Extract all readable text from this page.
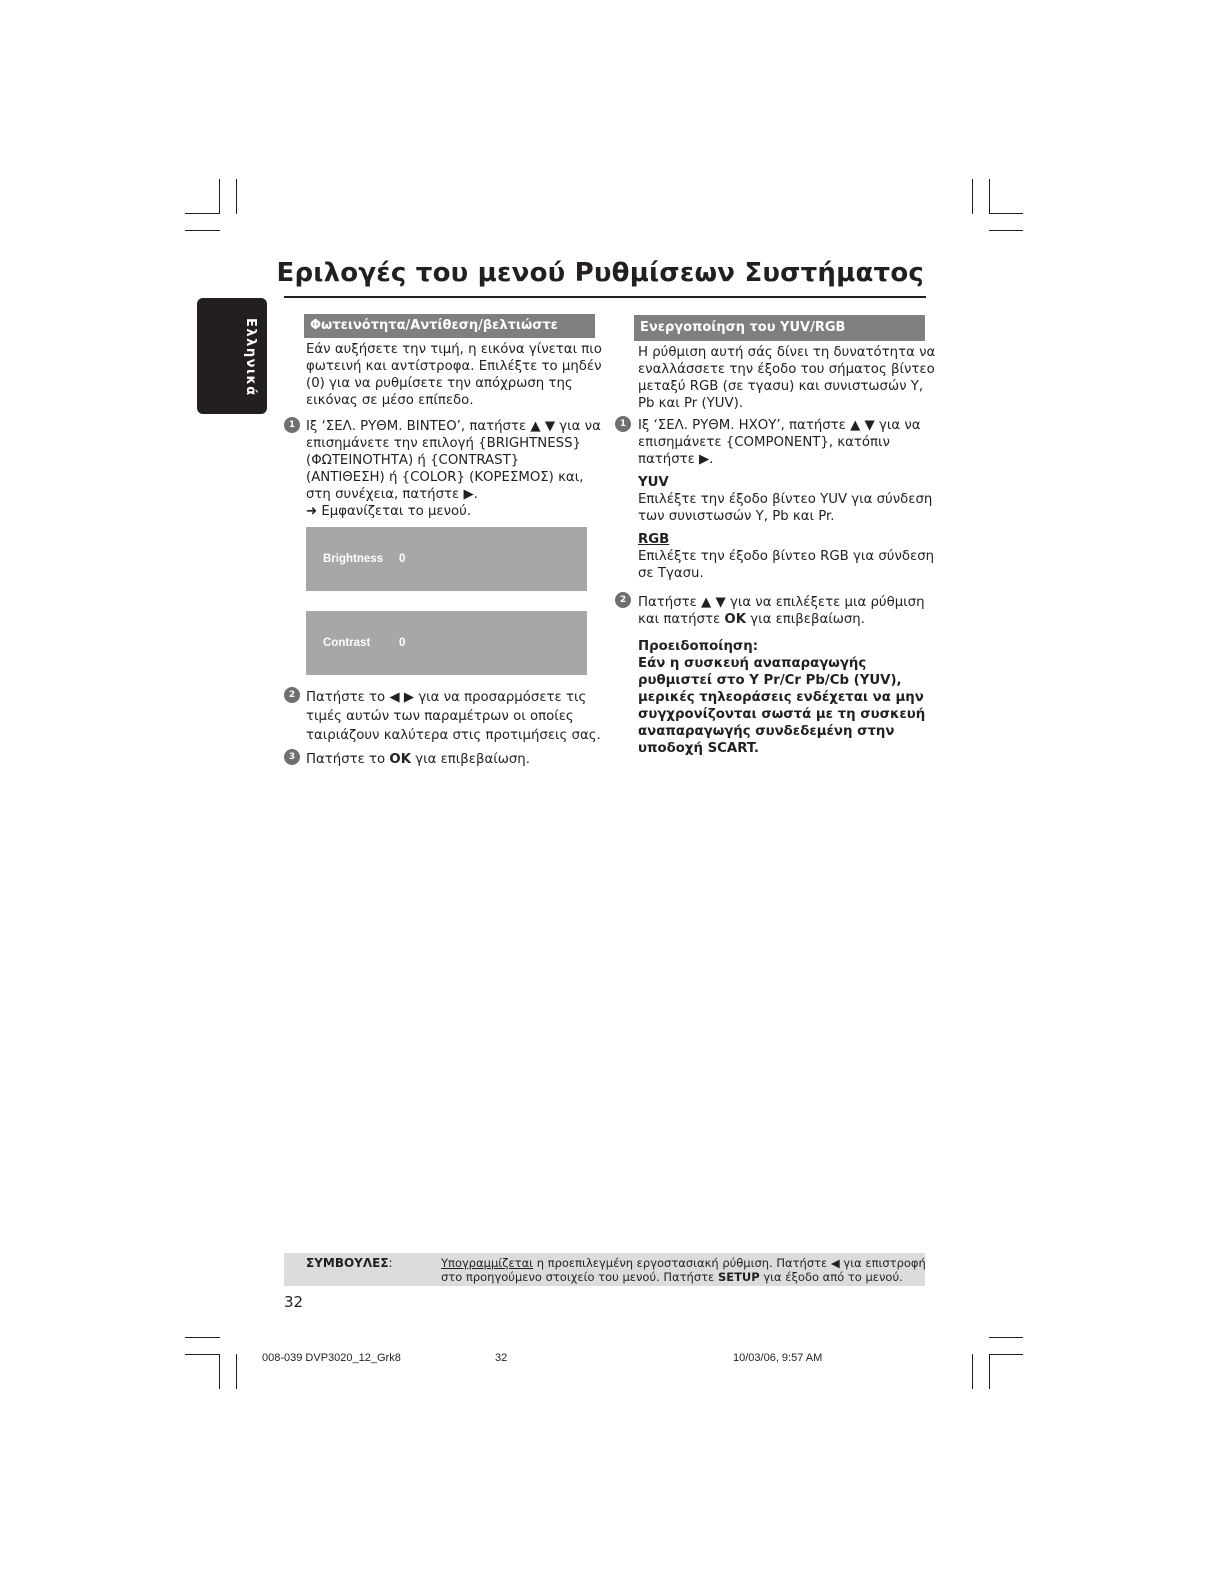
Εριλογές του μενού Ρυθμίσεων Συστήματος
Ελληνικά	Φωτεινότητα/Αντίθεση/βελτιώστε
Εάν αυξήσετε την τιμή, η εικόνα γίνεται πιο
φωτεινή και αντίστροφα. Επιλέξτε το μηδέν
(0) για να ρυθμίσετε την απόχρωση της
εικόνας σε μέσο επίπεδο.
1 Ιξ ‘ΣΕΛ. ΡΥΘΜ. ΒΙΝΤΕΟ’, πατήστε ▲ ▼ για να
επισημάνετε την επιλογή {BRIGHTNESS}
(ΦΩΤΕΙΝΟΤΗΤΑ) ή {CONTRAST}
(ΑΝΤΙΘΕΣΗ) ή {COLOR} (ΚΟΡΕΣΜΟΣ) και,
στη συνέχεια, πατήστε ▶.
➜ Εμφανίζεται το μενού.
Brightness 0
Contrast 0
2 Πατήστε το ◀ ▶ για να προσαρμόσετε τις
τιμές αυτών των παραμέτρων οι οποίες
ταιριάζουν καλύτερα στις προτιμήσεις σας.
3 Πατήστε το OK για επιβεβαίωση.
Ενεργοποίηση του YUV/RGB
Η ρύθμιση αυτή σάς δίνει τη δυνατότητα να
εναλλάσσετε την έξοδο του σήματος βίντεο
μεταξύ RGB (σε τγασu) και συνιστωσών Y,
Pb και Pr (YUV).
1 Ιξ ‘ΣΕΛ. ΡΥΘΜ. ΗΧΟΥ’, πατήστε ▲ ▼ για να
επισημάνετε {COMPONENT}, κατόπιν
πατήστε ▶.
YUV
Επιλέξτε την έξοδο βίντεο YUV για σύνδεση
των συνιστωσών Y, Pb και Pr.
RGB
Επιλέξτε την έξοδο βίντεο RGB για σύνδεση
σε Τγασu.
2 Πατήστε ▲ ▼ για να επιλέξετε μια ρύθμιση
και πατήστε OK για επιβεβαίωση.
Προειδοποίηση:
Εάν η συσκευή αναπαραγωγής
ρυθμιστεί στο Y Pr/Cr Pb/Cb (YUV),
μερικές τηλεοράσεις ενδέχεται να μην
συγχρονίζονται σωστά με τη συσκευή
αναπαραγωγής συνδεδεμένη στην
υποδοχή SCART.
ΣΥΜΒΟΥΛΕΣ:	Υπογραμμίζεται η προεπιλεγμένη εργοστασιακή ρύθμιση. Πατήστε ◀ για επιστροφή
στο προηγούμενο στοιχείο του μενού. Πατήστε SETUP για έξοδο από το μενού.
32
008-039 DVP3020_12_Grk8	32	10/03/06, 9:57 AM
